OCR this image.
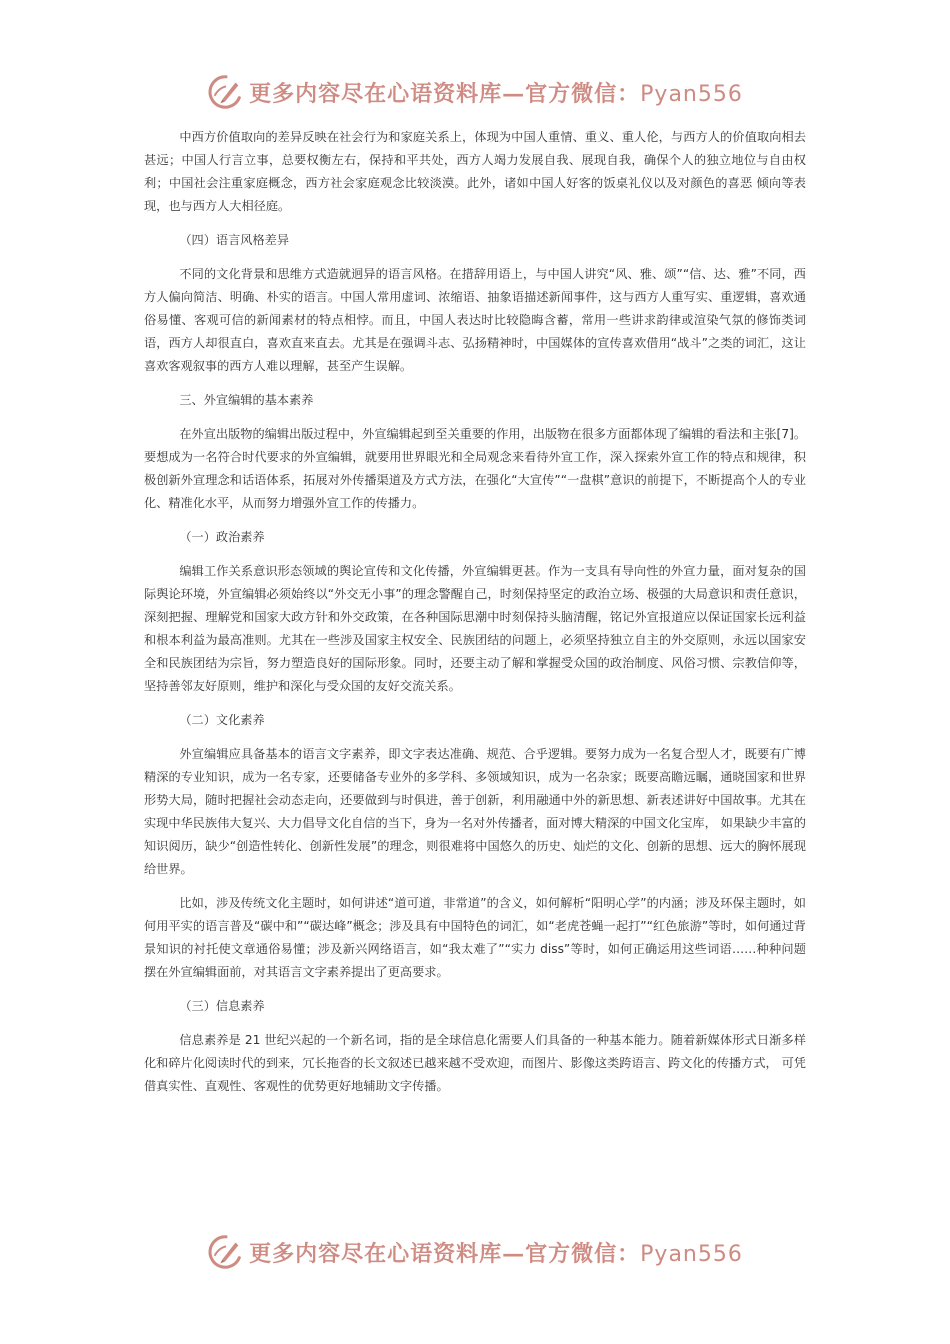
更多内容尽在心语资料库—官方微信：Pyan556

中西方价值取向的差异反映在社会行为和家庭关系上，体现为中国人重情、重义、重人伦，与西方人的价值取向相去甚远；中国人行言立事，总要权衡左右，保持和平共处，西方人竭力发展自我、展现自我，确保个人的独立地位与自由权利；中国社会注重家庭概念，西方社会家庭观念比较淡漠。此外，诸如中国人好客的饭桌礼仪以及对颜色的喜恶 倾向等表现，也与西方人大相径庭。

（四）语言风格差异

不同的文化背景和思维方式造就迥异的语言风格。在措辞用语上，与中国人讲究“风、雅、颂”“信、达、雅”不同，西方人偏向简洁、明确、朴实的语言。中国人常用虚词、浓缩语、抽象语描述新闻事件，这与西方人重写实、重逻辑，喜欢通俗易懂、客观可信的新闻素材的特点相悖。而且，中国人表达时比较隐晦含蓄，常用一些讲求韵律或渲染气氛的修饰类词语，西方人却很直白，喜欢直来直去。尤其是在强调斗志、弘扬精神时，中国媒体的宣传喜欢借用“战斗”之类的词汇，这让喜欢客观叙事的西方人难以理解，甚至产生误解。

三、外宣编辑的基本素养

在外宣出版物的编辑出版过程中，外宣编辑起到至关重要的作用，出版物在很多方面都体现了编辑的看法和主张[7]。要想成为一名符合时代要求的外宣编辑，就要用世界眼光和全局观念来看待外宣工作，深入探索外宣工作的特点和规律，积极创新外宣理念和话语体系，拓展对外传播渠道及方式方法，在强化“大宣传”“一盘棋”意识的前提下，不断提高个人的专业化、精准化水平，从而努力增强外宣工作的传播力。

（一）政治素养

编辑工作关系意识形态领域的舆论宣传和文化传播，外宣编辑更甚。作为一支具有导向性的外宣力量，面对复杂的国际舆论环境，外宣编辑必须始终以“外交无小事”的理念警醒自己，时刻保持坚定的政治立场、极强的大局意识和责任意识，深刻把握、理解党和国家大政方针和外交政策，在各种国际思潮中时刻保持头脑清醒，铭记外宣报道应以保证国家长远利益和根本利益为最高准则。尤其在一些涉及国家主权安全、民族团结的问题上，必须坚持独立自主的外交原则，永远以国家安全和民族团结为宗旨，努力塑造良好的国际形象。同时，还要主动了解和掌握受众国的政治制度、风俗习惯、宗教信仰等，坚持善邻友好原则，维护和深化与受众国的友好交流关系。

（二）文化素养

外宣编辑应具备基本的语言文字素养，即文字表达准确、规范、合乎逻辑。要努力成为一名复合型人才，既要有广博精深的专业知识，成为一名专家，还要储备专业外的多学科、多领域知识，成为一名杂家；既要高瞻远瞩，通晓国家和世界形势大局，随时把握社会动态走向，还要做到与时俱进，善于创新，利用融通中外的新思想、新表述讲好中国故事。尤其在实现中华民族伟大复兴、大力倡导文化自信的当下，身为一名对外传播者，面对博大精深的中国文化宝库， 如果缺少丰富的知识阅历，缺少“创造性转化、创新性发展”的理念，则很难将中国悠久的历史、灿烂的文化、创新的思想、远大的胸怀展现给世界。

比如，涉及传统文化主题时，如何讲述“道可道，非常道”的含义，如何解析“阳明心学”的内涵；涉及环保主题时，如何用平实的语言普及“碳中和”“碳达峰”概念；涉及具有中国特色的词汇，如“老虎苍蝇一起打”“红色旅游”等时，如何通过背景知识的衬托使文章通俗易懂；涉及新兴网络语言，如“我太难了”“实力 diss”等时，如何正确运用这些词语……种种问题摆在外宣编辑面前，对其语言文字素养提出了更高要求。

（三）信息素养

信息素养是 21 世纪兴起的一个新名词，指的是全球信息化需要人们具备的一种基本能力。随着新媒体形式日渐多样化和碎片化阅读时代的到来，冗长拖沓的长文叙述已越来越不受欢迎，而图片、影像这类跨语言、跨文化的传播方式， 可凭借真实性、直观性、客观性的优势更好地辅助文字传播。

更多内容尽在心语资料库—官方微信：Pyan556
